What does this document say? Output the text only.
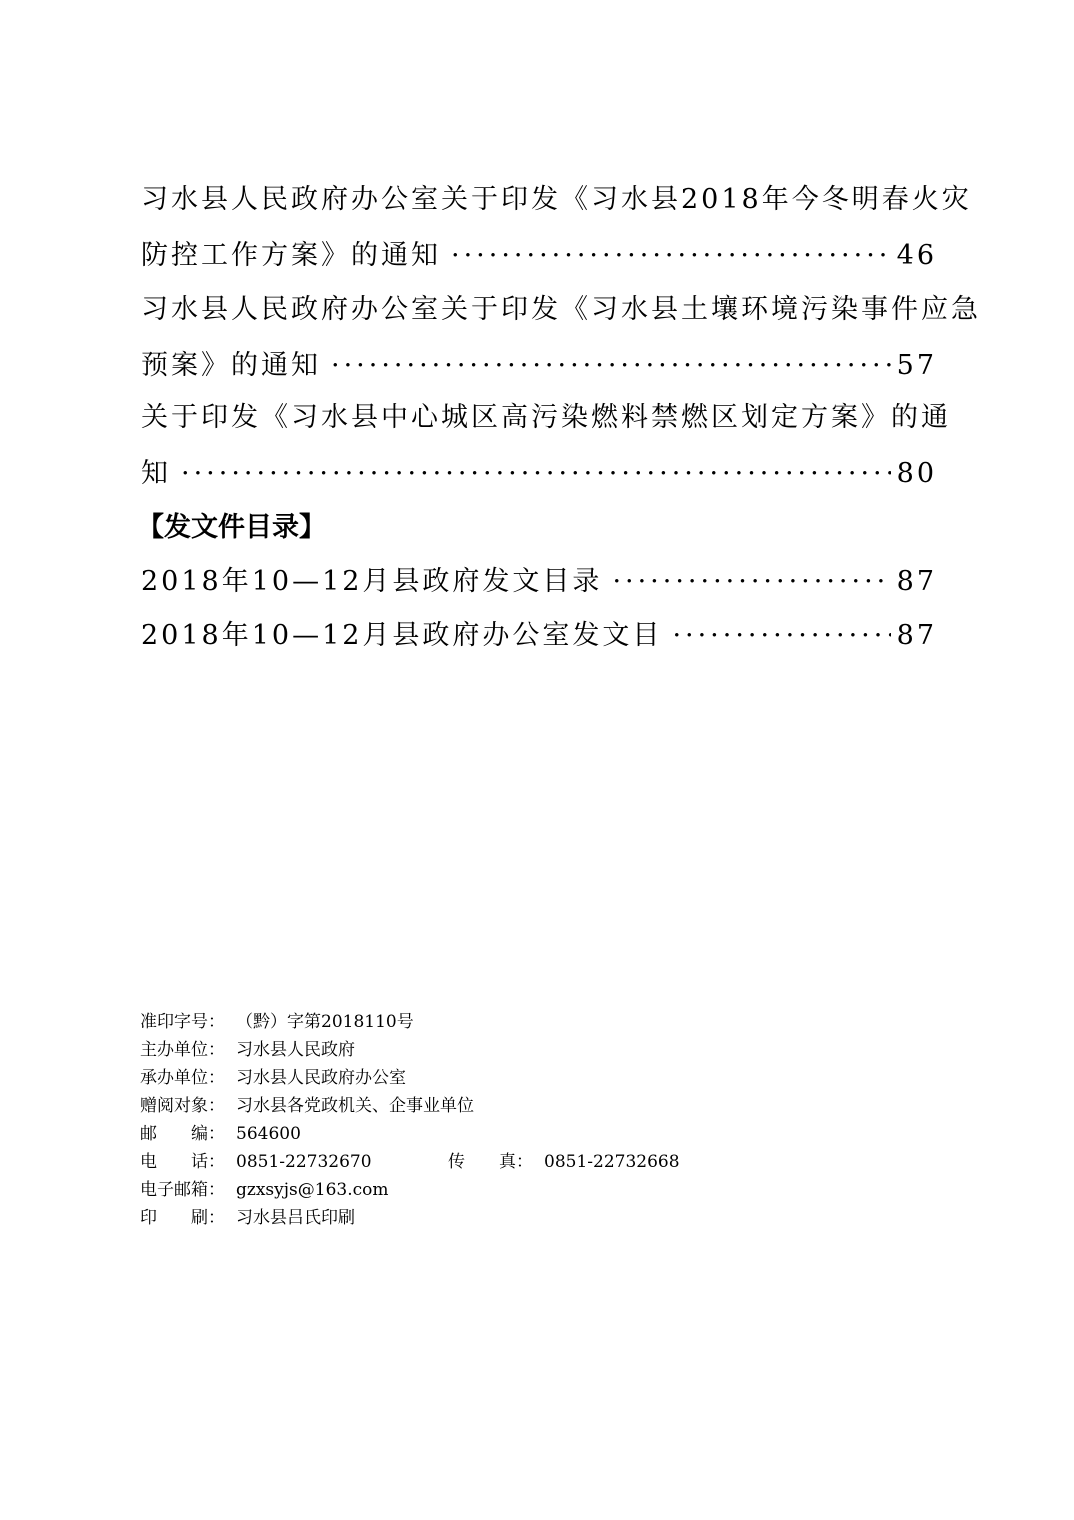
习水县人民政府办公室关于印发《习水县2018年今冬明春火灾
防控工作方案》的通知 ·····	46
习水县人民政府办公室关于印发《习水县土壤环境污染事件应急
预案》的通知 ·····	57
关于印发《习水县中心城区高污染燃料禁燃区划定方案》的通
知 ·····	80
【发文件目录】
2018年10—12月县政府发文目录 ·····	87
2018年10—12月县政府办公室发文目 ·····	87
准印字号： （黔）字第2018110号
主办单位： 习水县人民政府
承办单位： 习水县人民政府办公室
赠阅对象： 习水县各党政机关、企事业单位
邮　　编： 564600
电　　话： 0851-22732670	传　　真： 0851-22732668
电子邮箱： gzxsyjs@163.com
印　　刷： 习水县吕氏印刷
